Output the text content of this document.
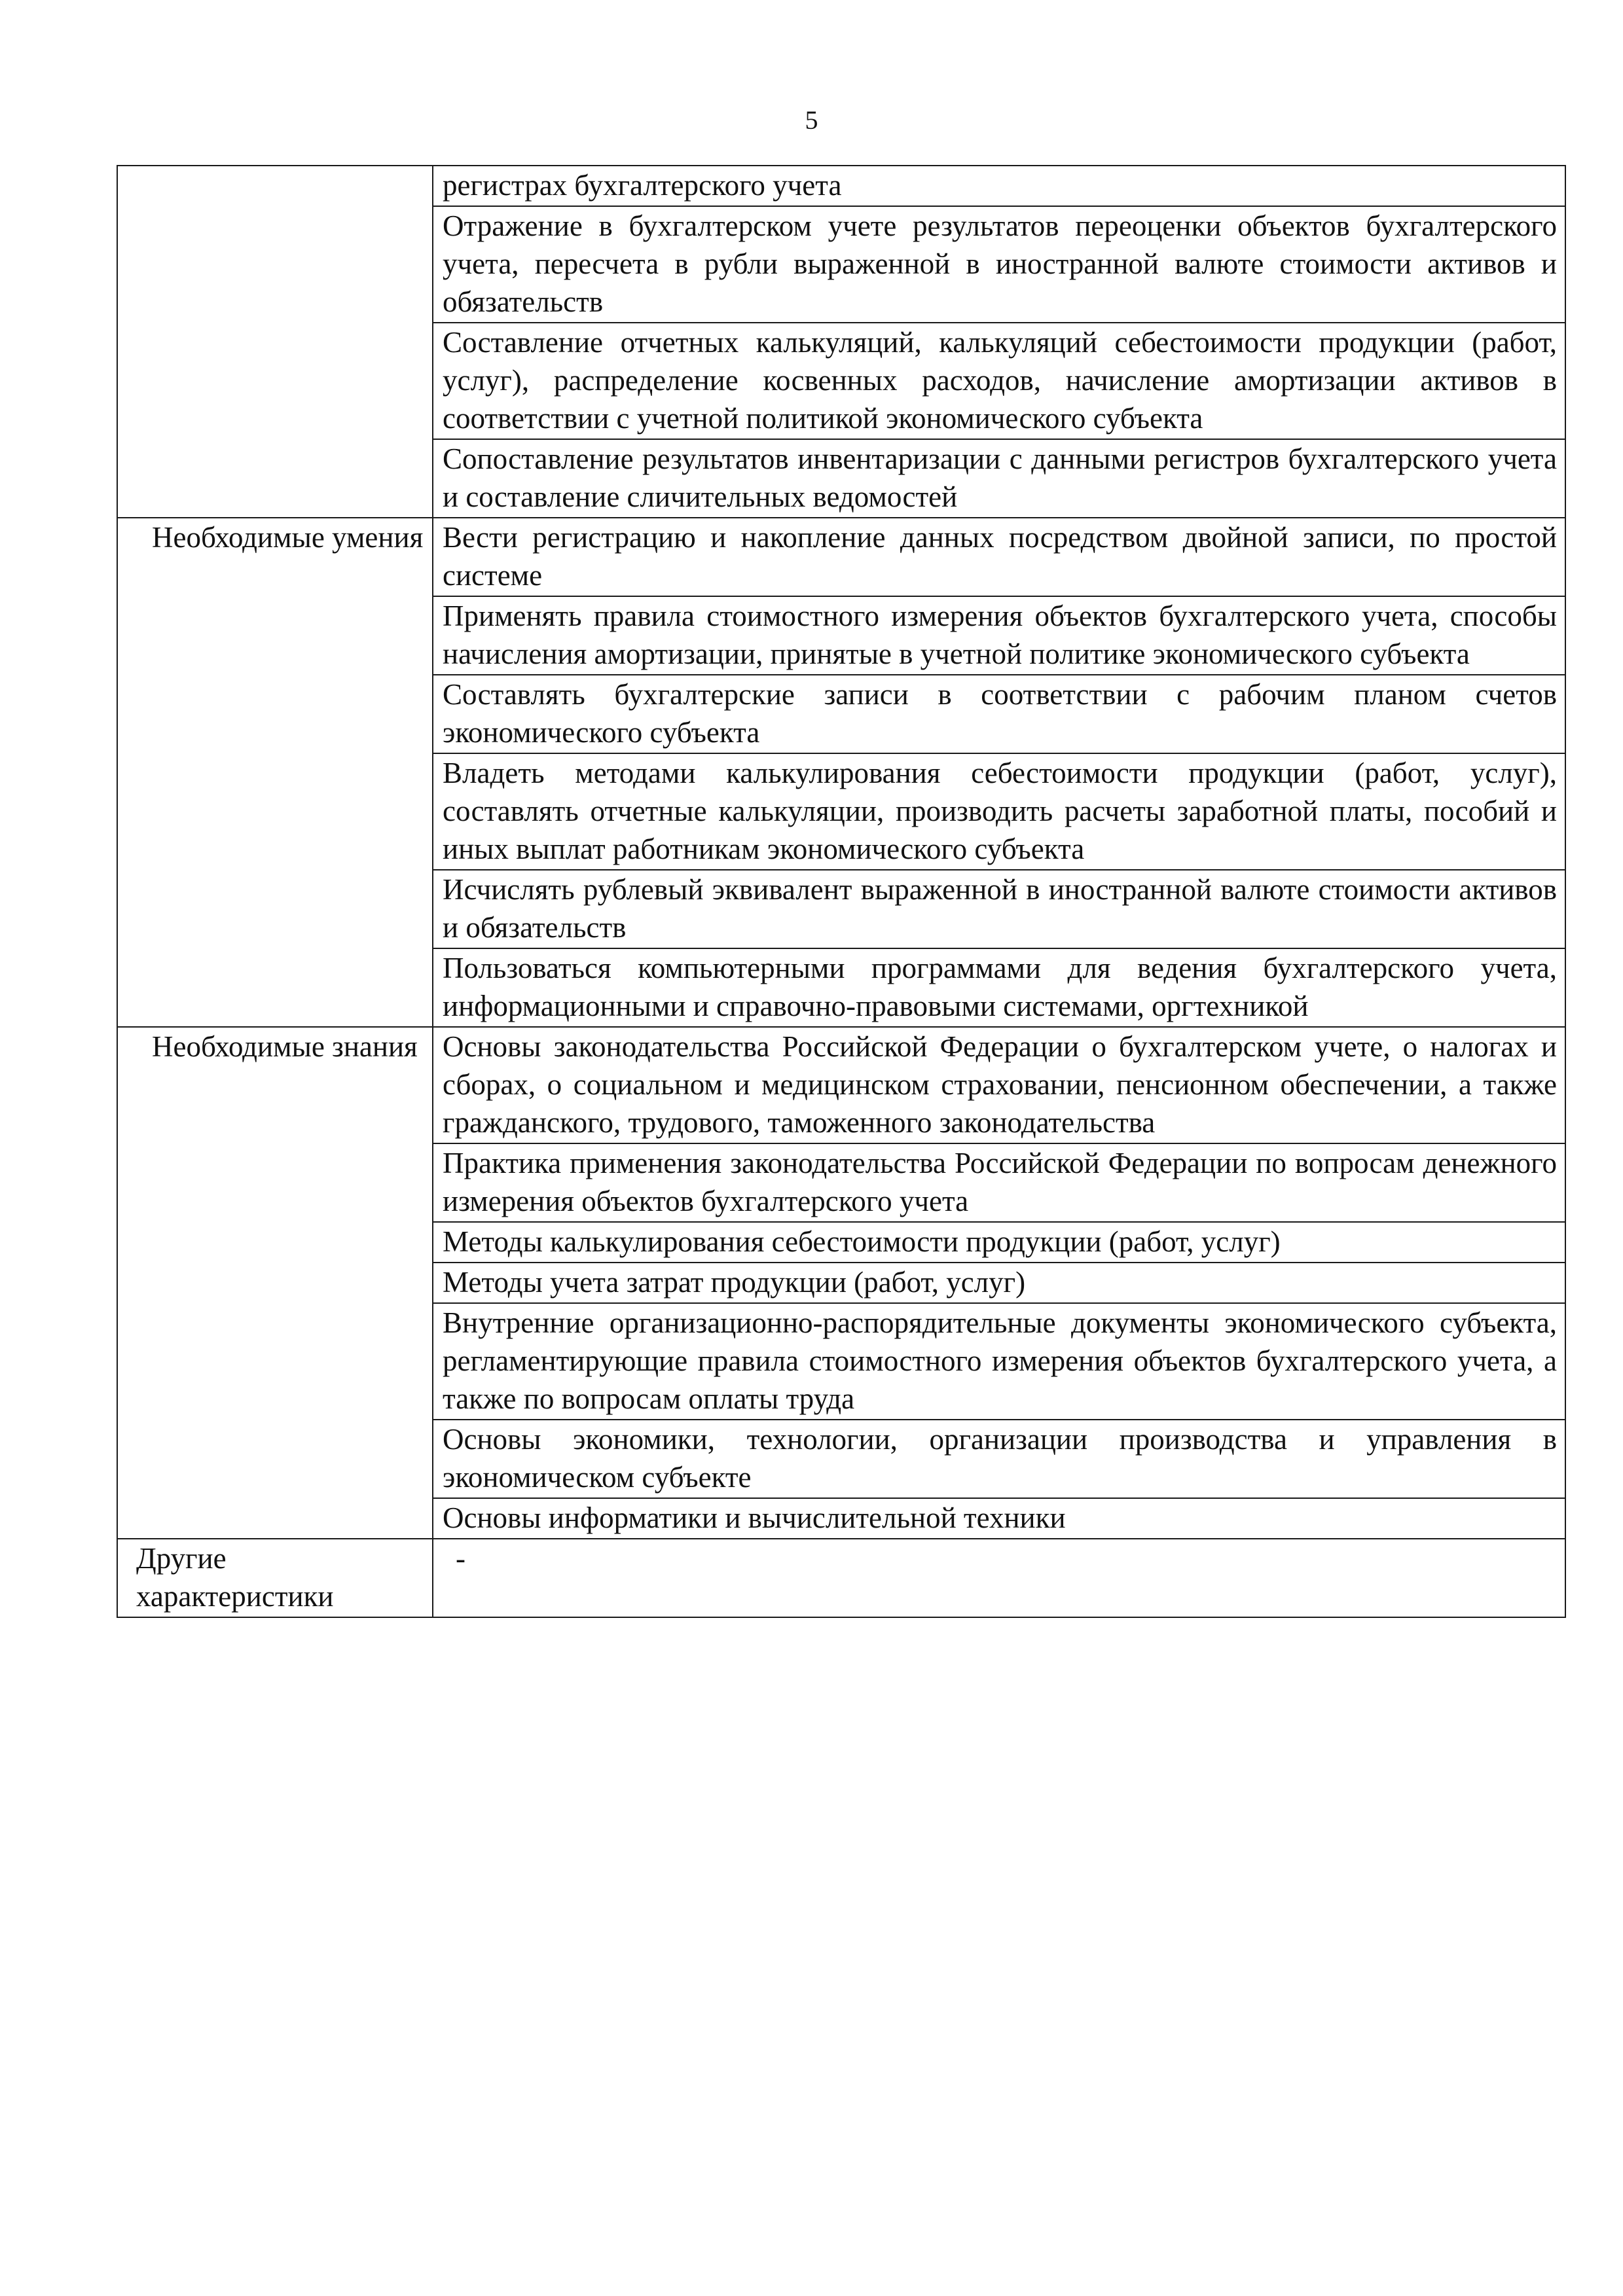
5
	регистрах бухгалтерского учета
	Отражение в бухгалтерском учете результатов переоценки объектов бухгалтерского учета, пересчета в рубли выраженной в иностранной валюте стоимости активов и обязательств
	Составление отчетных калькуляций, калькуляций себестоимости продукции (работ, услуг), распределение косвенных расходов, начисление амортизации активов в соответствии с учетной политикой экономического субъекта
	Сопоставление результатов инвентаризации с данными регистров бухгалтерского учета и составление сличительных ведомостей
Необходимые умения	Вести регистрацию и накопление данных посредством двойной записи, по простой системе
	Применять правила стоимостного измерения объектов бухгалтерского учета, способы начисления амортизации, принятые в учетной политике экономического субъекта
	Составлять бухгалтерские записи в соответствии с рабочим планом счетов экономического субъекта
	Владеть методами калькулирования себестоимости продукции (работ, услуг), составлять отчетные калькуляции, производить расчеты заработной платы, пособий и иных выплат работникам экономического субъекта
	Исчислять рублевый эквивалент выраженной в иностранной валюте стоимости активов и обязательств
	Пользоваться компьютерными программами для ведения бухгалтерского учета, информационными и справочно-правовыми системами, оргтехникой
Необходимые знания	Основы законодательства Российской Федерации о бухгалтерском учете, о налогах и сборах, о социальном и медицинском страховании, пенсионном обеспечении, а также гражданского, трудового, таможенного законодательства
	Практика применения законодательства Российской Федерации по вопросам денежного измерения объектов бухгалтерского учета
	Методы калькулирования себестоимости продукции (работ, услуг)
	Методы учета затрат продукции (работ, услуг)
	Внутренние организационно-распорядительные документы экономического субъекта, регламентирующие правила стоимостного измерения объектов бухгалтерского учета, а также по вопросам оплаты труда
	Основы экономики, технологии, организации производства и управления в экономическом субъекте
	Основы информатики и вычислительной техники
Другие характеристики	-
